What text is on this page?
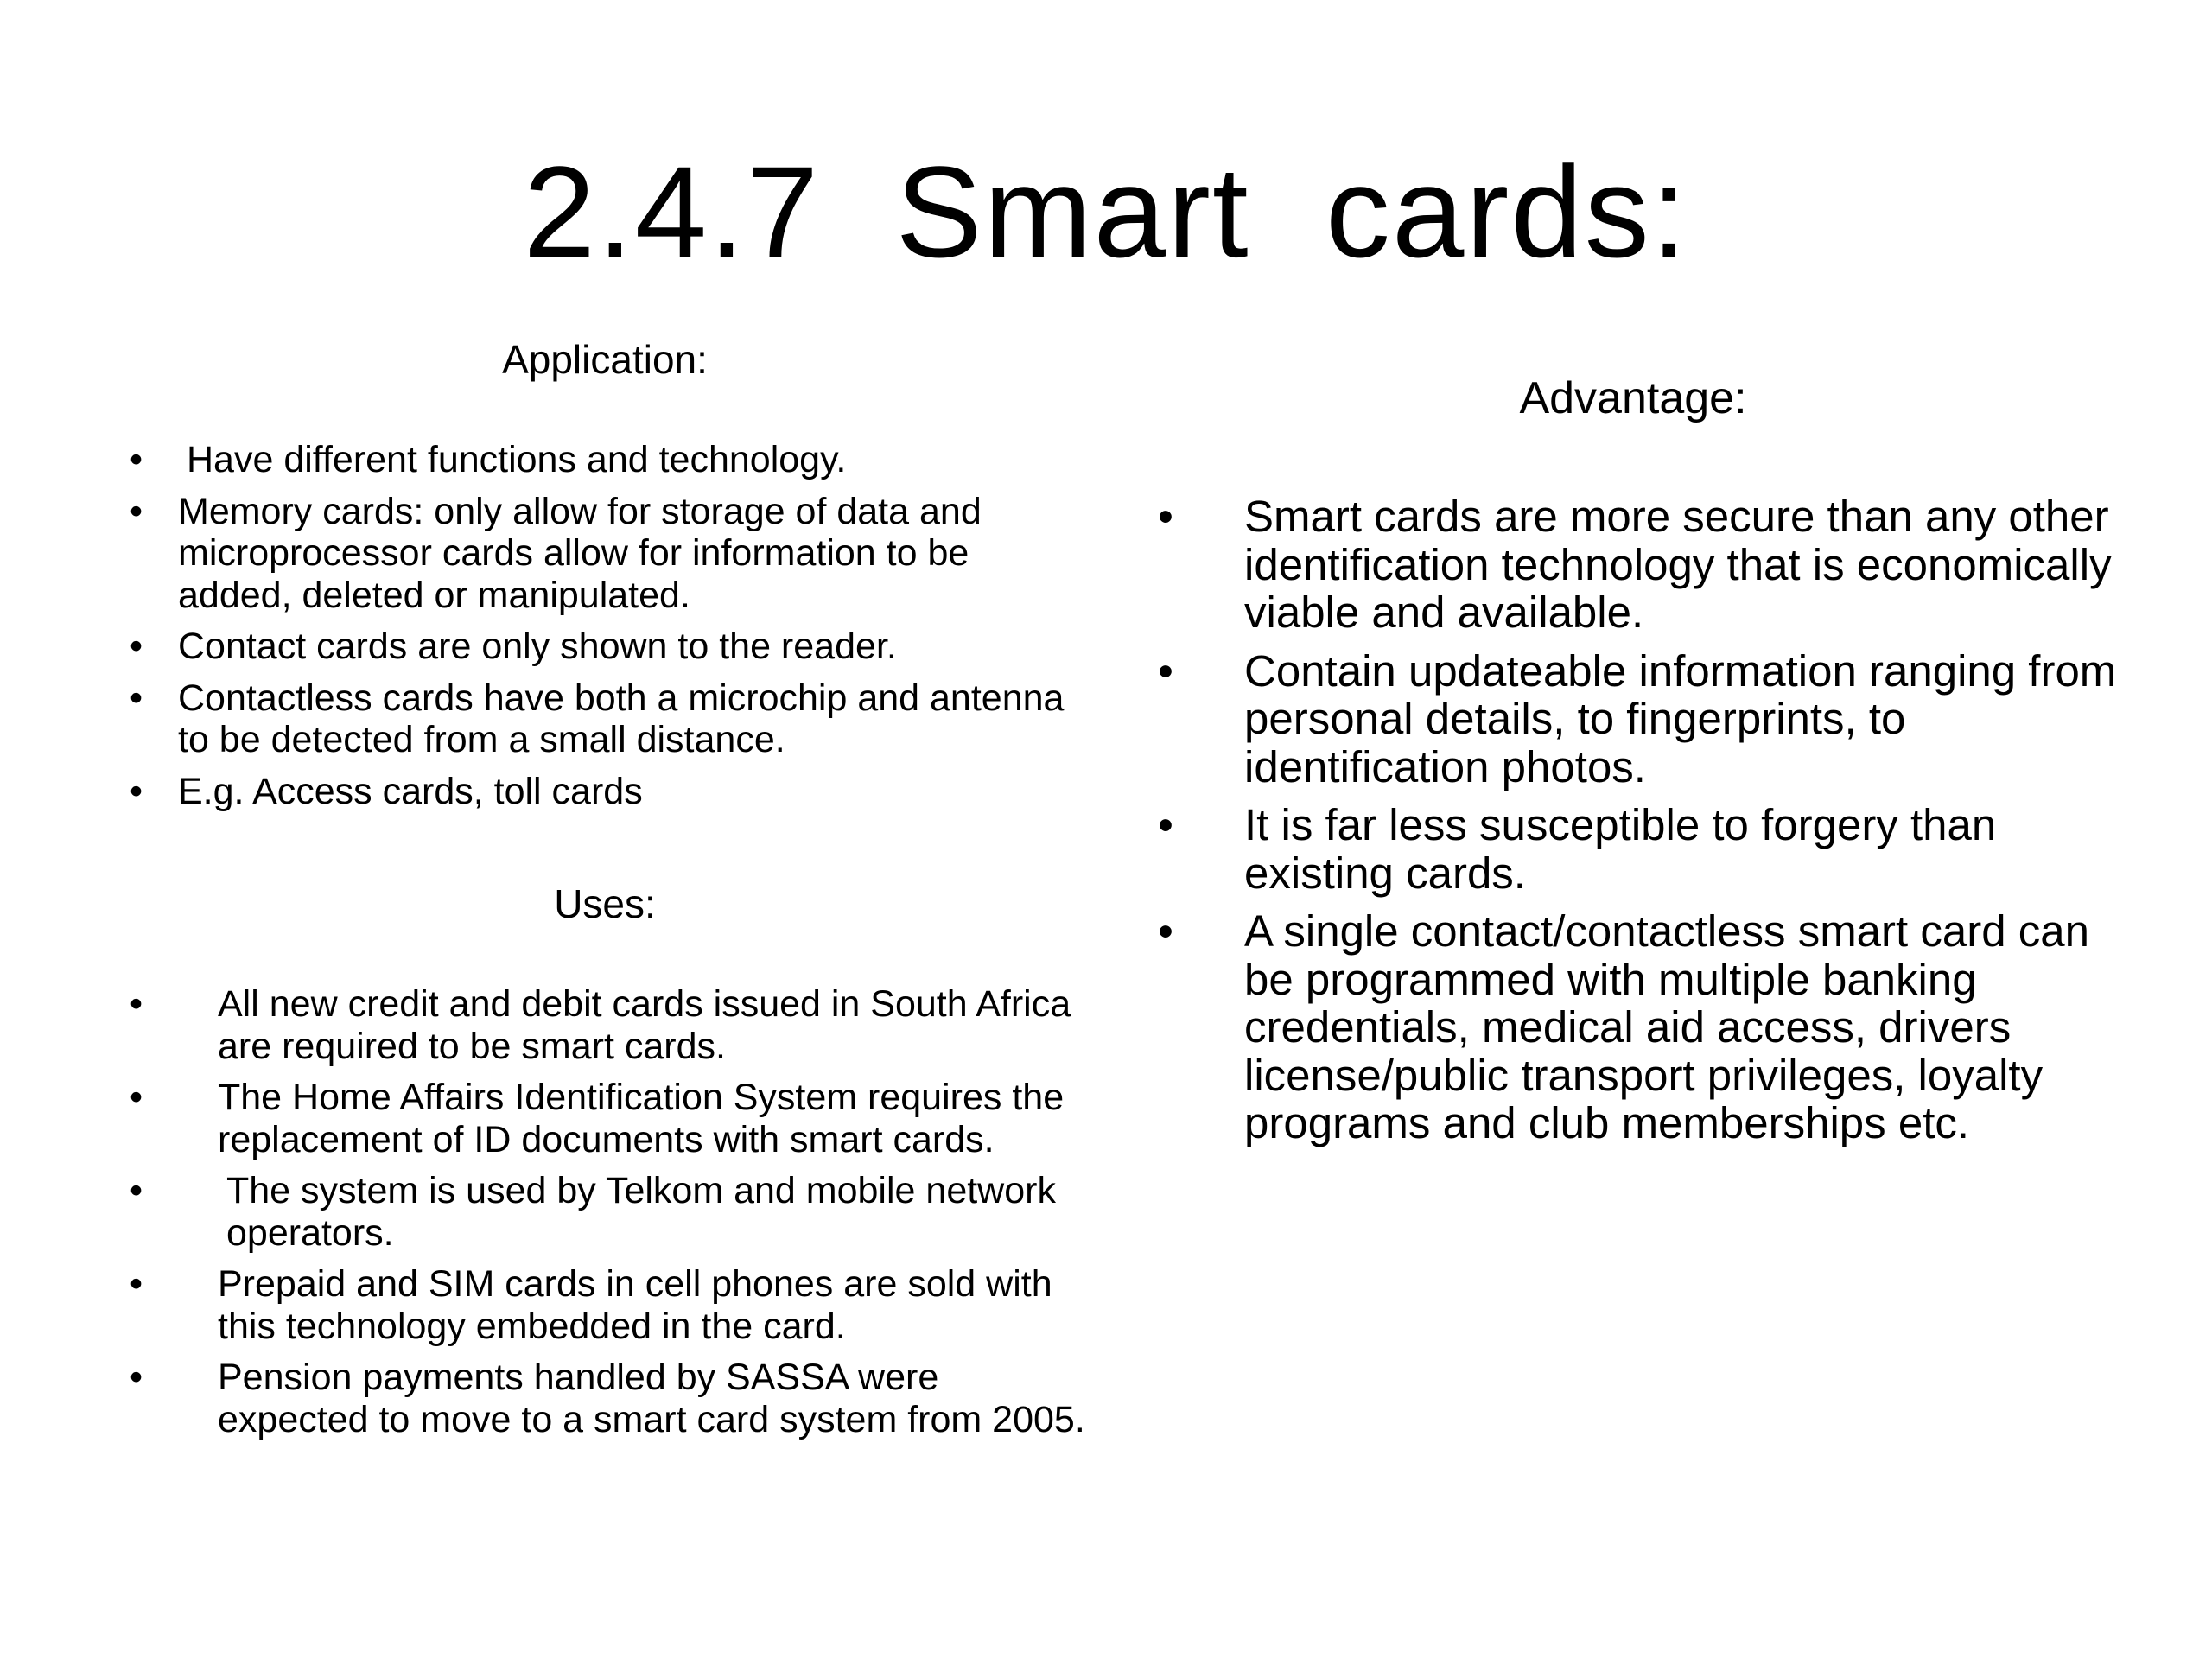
2.4.7  Smart  cards:
Application:
• Have different functions and technology.
• Memory cards: only allow for storage of data and microprocessor cards allow for information to be added, deleted or manipulated.
• Contact cards are only shown to the reader.
• Contactless cards have both a microchip and antenna to be detected from a small distance.
• E.g. Access cards, toll cards
Uses:
• All new credit and debit cards issued in South Africa are required to be smart cards.
• The Home Affairs Identification System requires the replacement of ID documents with smart cards.
• The system is used by Telkom and mobile network operators.
• Prepaid and SIM cards in cell phones are sold with this technology embedded in the card.
• Pension payments handled by SASSA were expected to move to a smart card system from 2005.
Advantage:
• Smart cards are more secure than any other identification technology that is economically viable and available.
• Contain updateable information ranging from personal details, to fingerprints, to identification photos.
• It is far less susceptible to forgery than existing cards.
• A single contact/contactless smart card can be programmed with multiple banking credentials, medical aid access, drivers license/public transport privileges, loyalty programs and club memberships etc.
